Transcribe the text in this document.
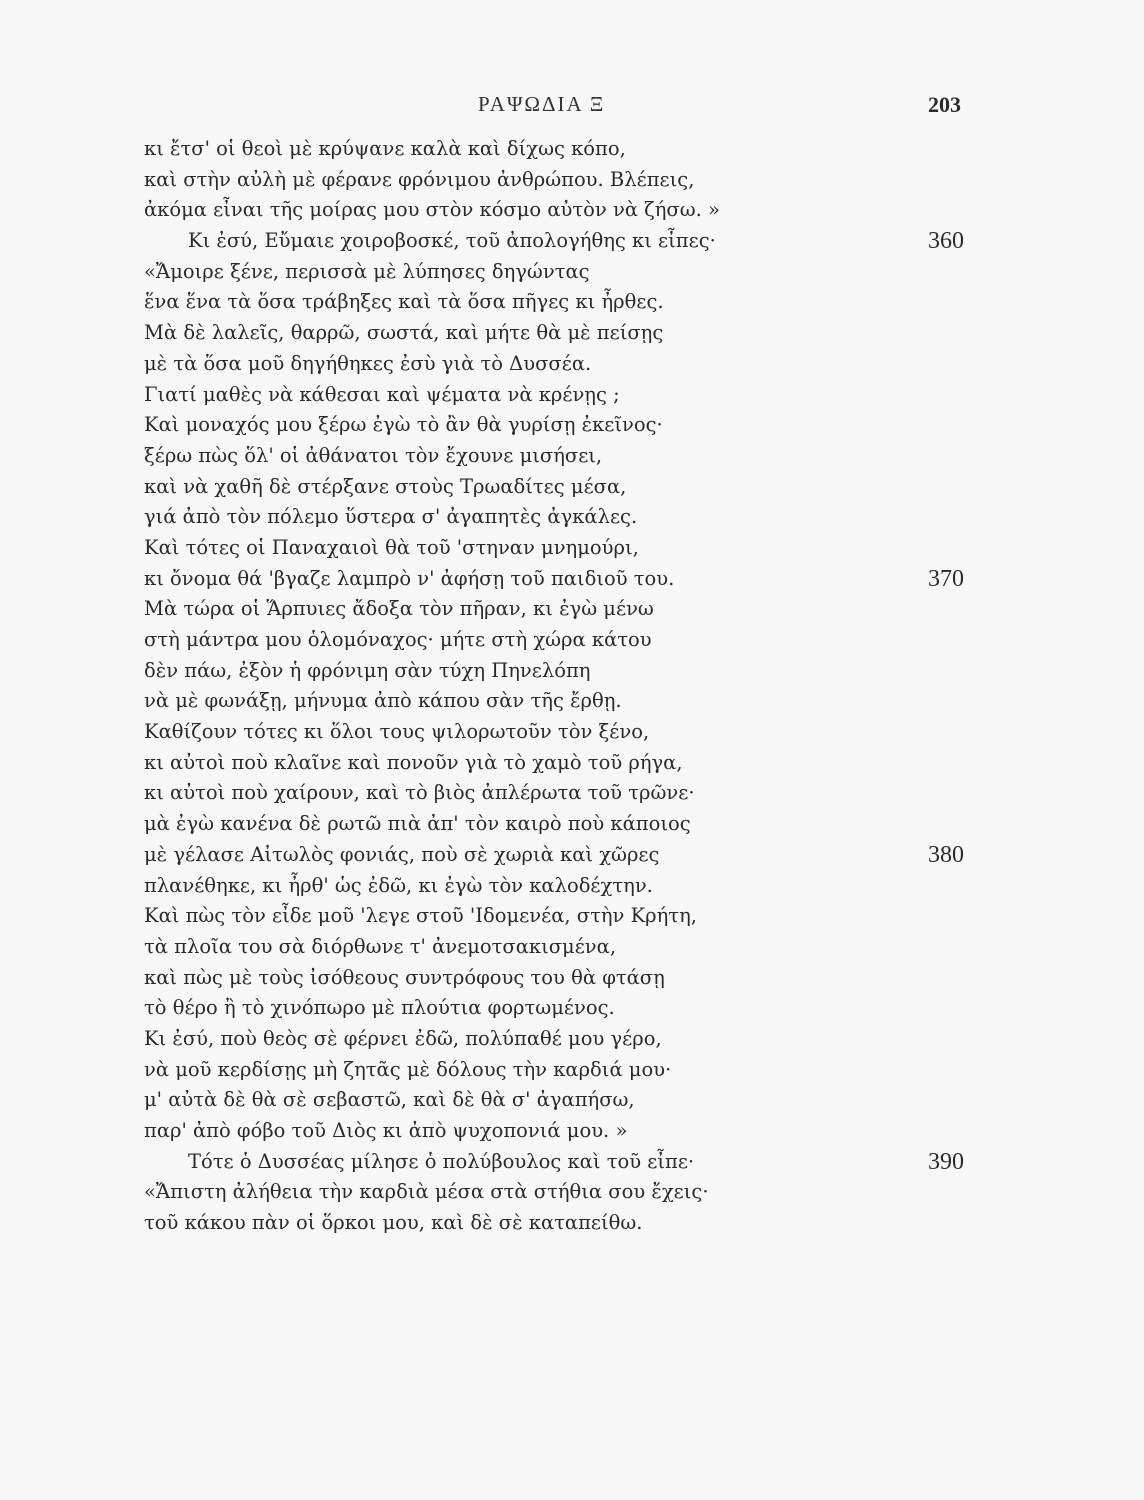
ΡΑΨΩΔΙΑ Ξ	203
κι ἔτσ' οἱ θεοὶ μὲ κρύψανε καλὰ καὶ δίχως κόπο,
καὶ στὴν αὐλὴ μὲ φέρανε φρόνιμου ἀνθρώπου. Βλέπεις,
ἀκόμα εἶναι τῆς μοίρας μου στὸν κόσμο αὐτὸν νὰ ζήσω. »
Κι ἐσύ, Εὔμαιε χοιροβοσκέ, τοῦ ἀπολογήθης κι εἶπες·	360
«Ἄμοιρε ξένε, περισσὰ μὲ λύπησες δηγώντας
ἕνα ἕνα τὰ ὅσα τράβηξες καὶ τὰ ὅσα πῆγες κι ἦρθες.
Μὰ δὲ λαλεῖς, θαρρῶ, σωστά, καὶ μήτε θὰ μὲ πείσῃς
μὲ τὰ ὅσα μοῦ δηγήθηκες ἐσὺ γιὰ τὸ Δυσσέα.
Γιατί μαθὲς νὰ κάθεσαι καὶ ψέματα νὰ κρένῃς ;
Καὶ μοναχός μου ξέρω ἐγὼ τὸ ἂν θὰ γυρίσῃ ἐκεῖνος·
ξέρω πὼς ὅλ' οἱ ἀθάνατοι τὸν ἔχουνε μισήσει,
καὶ νὰ χαθῆ δὲ στέρξανε στοὺς Τρωαδίτες μέσα,
γιά ἀπὸ τὸν πόλεμο ὕστερα σ' ἀγαπητὲς ἀγκάλες.
Καὶ τότες οἱ Παναχαιοὶ θὰ τοῦ 'στηναν μνημούρι,
κι ὄνομα θά 'βγαζε λαμπρὸ ν' ἀφήσῃ τοῦ παιδιοῦ του.	370
Μὰ τώρα οἱ Ἅρπυιες ἄδοξα τὸν πῆραν, κι ἐγὼ μένω
στὴ μάντρα μου ὁλομόναχος· μήτε στὴ χώρα κάτου
δὲν πάω, ἐξὸν ἡ φρόνιμη σὰν τύχη Πηνελόπη
νὰ μὲ φωνάξῃ, μήνυμα ἀπὸ κάπου σὰν τῆς ἔρθῃ.
Καθίζουν τότες κι ὅλοι τους ψιλορωτοῦν τὸν ξένο,
κι αὐτοὶ ποὺ κλαῖνε καὶ πονοῦν γιὰ τὸ χαμὸ τοῦ ρήγα,
κι αὐτοὶ ποὺ χαίρουν, καὶ τὸ βιὸς ἀπλέρωτα τοῦ τρῶνε·
μὰ ἐγὼ κανένα δὲ ρωτῶ πιὰ ἀπ' τὸν καιρὸ ποὺ κάποιος
μὲ γέλασε Αἰτωλὸς φονιάς, ποὺ σὲ χωριὰ καὶ χῶρες	380
πλανέθηκε, κι ἦρθ' ὡς ἐδῶ, κι ἐγὼ τὸν καλοδέχτην.
Καὶ πὼς τὸν εἶδε μοῦ 'λεγε στοῦ 'Ιδομενέα, στὴν Κρήτη,
τὰ πλοῖα του σὰ διόρθωνε τ' ἀνεμοτσακισμένα,
καὶ πὼς μὲ τοὺς ἰσόθεους συντρόφους του θὰ φτάσῃ
τὸ θέρο ἢ τὸ χινόπωρο μὲ πλούτια φορτωμένος.
Κι ἐσύ, ποὺ θεὸς σὲ φέρνει ἐδῶ, πολύπαθέ μου γέρο,
νὰ μοῦ κερδίσῃς μὴ ζητᾶς μὲ δόλους τὴν καρδιά μου·
μ' αὐτὰ δὲ θὰ σὲ σεβαστῶ, καὶ δὲ θὰ σ' ἀγαπήσω,
παρ' ἀπὸ φόβο τοῦ Διὸς κι ἀπὸ ψυχοπονιά μου. »
Τότε ὁ Δυσσέας μίλησε ὁ πολύβουλος καὶ τοῦ εἶπε·	390
«Ἄπιστη ἀλήθεια τὴν καρδιὰ μέσα στὰ στήθια σου ἔχεις·
τοῦ κάκου πὰν οἱ ὅρκοι μου, καὶ δὲ σὲ καταπείθω.
